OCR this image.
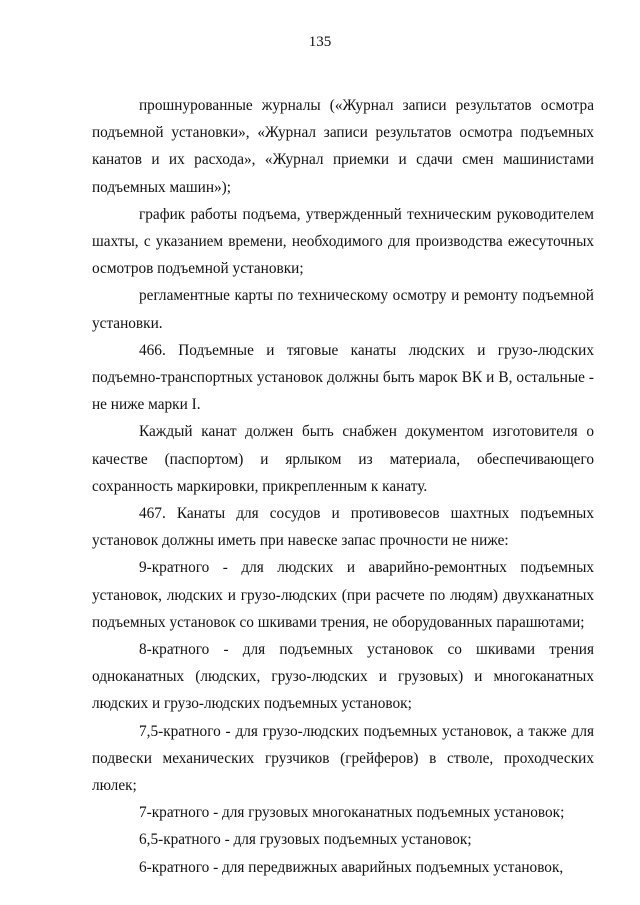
135

прошнурованные журналы («Журнал записи результатов осмотра подъемной установки», «Журнал записи результатов осмотра подъемных канатов и их расхода», «Журнал приемки и сдачи смен машинистами подъемных машин»);

график работы подъема, утвержденный техническим руководителем шахты, с указанием времени, необходимого для производства ежесуточных осмотров подъемной установки;

регламентные карты по техническому осмотру и ремонту подъемной установки.

466. Подъемные и тяговые канаты людских и грузо-людских подъемно-транспортных установок должны быть марок ВК и В, остальные - не ниже марки I.

Каждый канат должен быть снабжен документом изготовителя о качестве (паспортом) и ярлыком из материала, обеспечивающего сохранность маркировки, прикрепленным к канату.

467. Канаты для сосудов и противовесов шахтных подъемных установок должны иметь при навеске запас прочности не ниже:

9-кратного - для людских и аварийно-ремонтных подъемных установок, людских и грузо-людских (при расчете по людям) двухканатных подъемных установок со шкивами трения, не оборудованных парашютами;

8-кратного - для подъемных установок со шкивами трения одноканатных (людских, грузо-людских и грузовых) и многоканатных людских и грузо-людских подъемных установок;

7,5-кратного - для грузо-людских подъемных установок, а также для подвески механических грузчиков (грейферов) в стволе, проходческих люлек;

7-кратного - для грузовых многоканатных подъемных установок;

6,5-кратного - для грузовых подъемных установок;

6-кратного - для передвижных аварийных подъемных установок,
